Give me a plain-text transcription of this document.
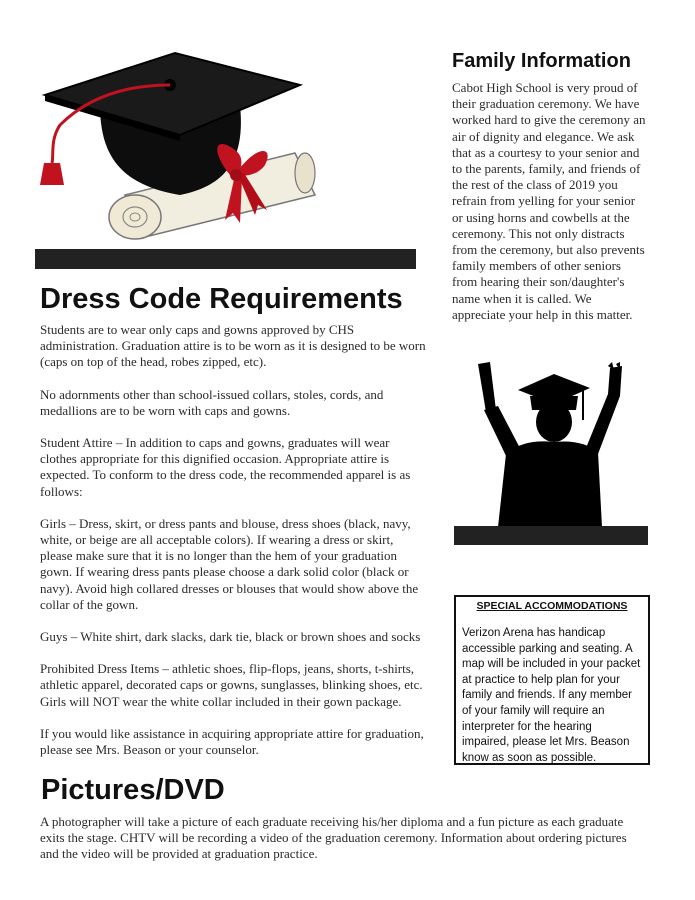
Dress Code Requirements

Students are to wear only caps and gowns approved by CHS administration. Graduation attire is to be worn as it is designed to be worn (caps on top of the head, robes zipped, etc).

No adornments other than school-issued collars, stoles, cords, and medallions are to be worn with caps and gowns.

Student Attire – In addition to caps and gowns, graduates will wear clothes appropriate for this dignified occasion. Appropriate attire is expected. To conform to the dress code, the recommended apparel is as follows:

Girls – Dress, skirt, or dress pants and blouse, dress shoes (black, navy, white, or beige are all acceptable colors). If wearing a dress or skirt, please make sure that it is no longer than the hem of your graduation gown. If wearing dress pants please choose a dark solid color (black or navy). Avoid high collared dresses or blouses that would show above the collar of the gown.

Guys – White shirt, dark slacks, dark tie, black or brown shoes and socks

Prohibited Dress Items – athletic shoes, flip-flops, jeans, shorts, t-shirts, athletic apparel, decorated caps or gowns, sunglasses, blinking shoes, etc. Girls will NOT wear the white collar included in their gown package.

If you would like assistance in acquiring appropriate attire for graduation, please see Mrs. Beason or your counselor.

Family Information
Cabot High School is very proud of their graduation ceremony. We have worked hard to give the ceremony an air of dignity and elegance. We ask that as a courtesy to your senior and to the parents, family, and friends of the rest of the class of 2019 you refrain from yelling for your senior or using horns and cowbells at the ceremony. This not only distracts from the ceremony, but also prevents family members of other seniors from hearing their son/daughter's name when it is called. We appreciate your help in this matter.
SPECIAL ACCOMMODATIONS
Verizon Arena has handicap accessible parking and seating. A map will be included in your packet at practice to help plan for your family and friends. If any member of your family will require an interpreter for the hearing impaired, please let Mrs. Beason know as soon as possible.
Pictures/DVD
A photographer will take a picture of each graduate receiving his/her diploma and a fun picture as each graduate exits the stage. CHTV will be recording a video of the graduation ceremony. Information about ordering pictures and the video will be provided at graduation practice.
